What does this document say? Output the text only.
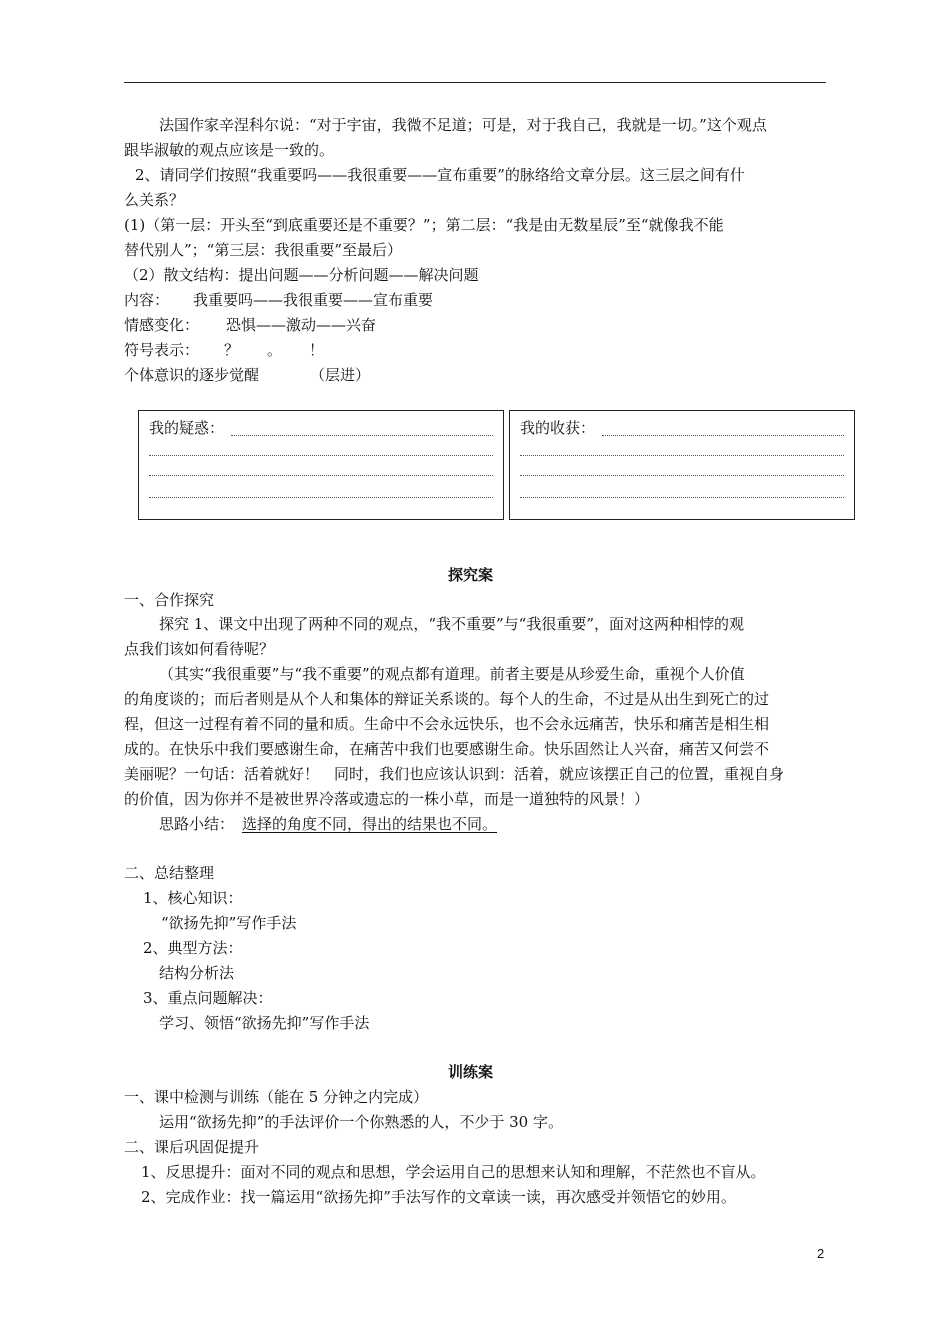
法国作家辛涅科尔说：“对于宇宙，我微不足道；可是，对于我自己，我就是一切。”这个观点
跟毕淑敏的观点应该是一致的。
2、请同学们按照“我重要吗——我很重要——宣布重要”的脉络给文章分层。这三层之间有什
么关系？
(1)（第一层：开头至“到底重要还是不重要？”；第二层：“我是由无数星辰”至“就像我不能
替代别人”；“第三层：我很重要”至最后）
（2）散文结构：提出问题——分析问题——解决问题
内容： 我重要吗——我很重要——宣布重要
情感变化： 恐惧——激动——兴奋
符号表示： ？ 。 ！
个体意识的逐步觉醒	（层进）
我的疑惑：	我的收获：
探究案
一、合作探究
探究 1、课文中出现了两种不同的观点，“我不重要”与“我很重要”，面对这两种相悖的观
点我们该如何看待呢？
（其实“我很重要”与“我不重要”的观点都有道理。前者主要是从珍爱生命，重视个人价值
的角度谈的；而后者则是从个人和集体的辩证关系谈的。每个人的生命，不过是从出生到死亡的过
程，但这一过程有着不同的量和质。生命中不会永远快乐，也不会永远痛苦，快乐和痛苦是相生相
成的。在快乐中我们要感谢生命，在痛苦中我们也要感谢生命。快乐固然让人兴奋，痛苦又何尝不
美丽呢？一句话：活着就好！　同时，我们也应该认识到：活着，就应该摆正自己的位置，重视自身
的价值，因为你并不是被世界冷落或遗忘的一株小草，而是一道独特的风景！）
思路小结： 选择的角度不同，得出的结果也不同。
二、总结整理
1、核心知识：
“欲扬先抑”写作手法
2、典型方法：
结构分析法
3、重点问题解决：
学习、领悟“欲扬先抑”写作手法
训练案
一、课中检测与训练（能在 5 分钟之内完成）
运用“欲扬先抑”的手法评价一个你熟悉的人，不少于 30 字。
二、课后巩固促提升
1、反思提升：面对不同的观点和思想，学会运用自己的思想来认知和理解，不茫然也不盲从。
2、完成作业：找一篇运用“欲扬先抑”手法写作的文章读一读，再次感受并领悟它的妙用。
2
